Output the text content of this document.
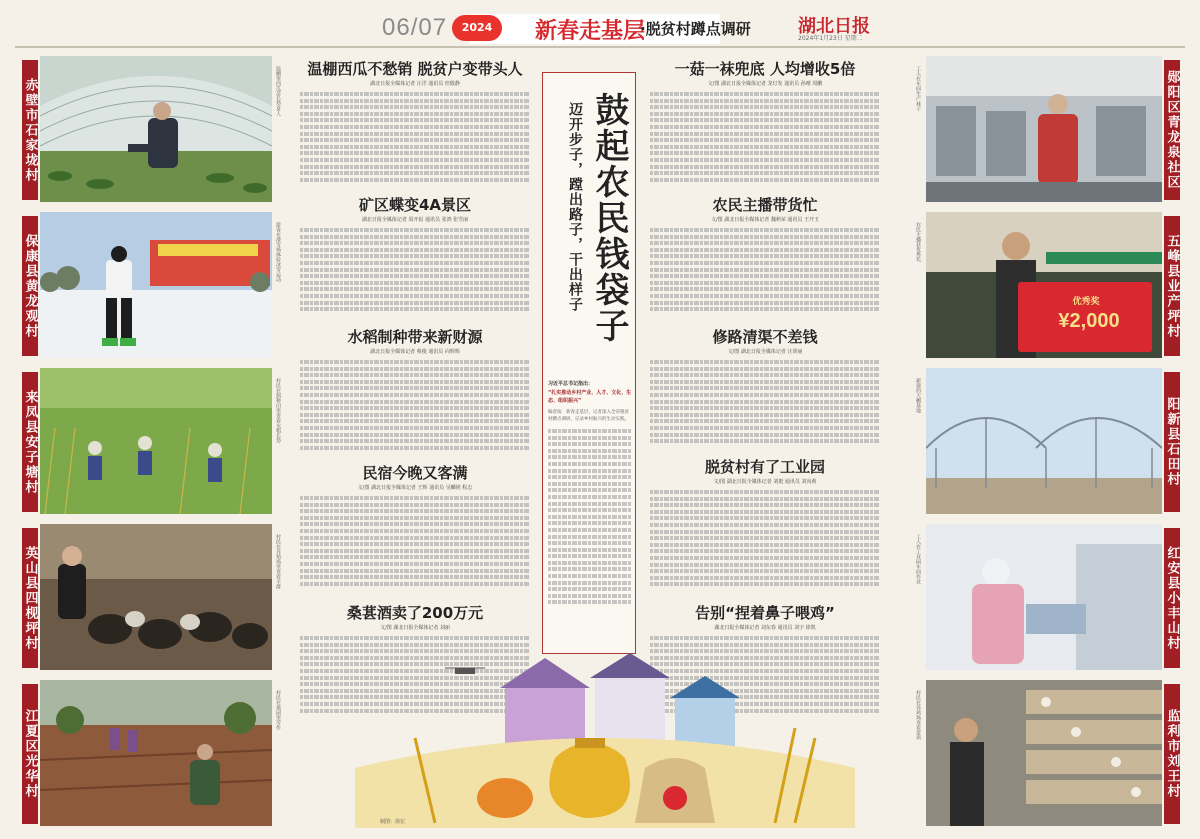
06/07	2024	新春走基层
·脱贫村蹲点调研	湖北日报
2024年1月23日 星期二
赤壁市石家垅村	温棚里西瓜苗长势喜人
保康县黄龙观村	游客在滑雪场体验冰雪运动
来凤县安子塘村	村民在制种田里查看水稻长势
英山县四枧坪村	村民在养殖场里查看羊群
江夏区光华村	村民在桑园里劳作
温棚西瓜不愁销 脱贫户变带头人
湖北日报全媒体记者 汪洋 通讯员 但傲静
矿区蝶变4A景区
湖北日报全媒体记者 周开崧 通讯员 张鸿 张雪丽
水稻制种带来新财源
湖北日报全媒体记者 蔡俊 通讯员 向辉辉
民宿今晚又客满
文/图 湖北日报全媒体记者 王辉 通讯员 吴麟铭 程志
桑葚酒卖了200万元
文/图 湖北日报全媒体记者 刘丽
鼓起农民钱袋子
迈开步子，蹚出路子，干出样子
习近平总书记指出：
“扎实推动乡村产业、人才、文化、生态、组织振兴”
编者按：新春走基层，记者深入全省脱贫村蹲点调研，记录乡村振兴的生动实践。
一菇一袜兜底 人均增收5倍
文/图 湖北日报全媒体记者 龙灯发 通讯员 孙晴 周鹏
农民主播带货忙
文/图 湖北日报全媒体记者 魏莉荣 通讯员 王开玉
修路清渠不差钱
文/图 湖北日报全媒体记者 汪训丽
脱贫村有了工业园
文/图 湖北日报全媒体记者 刘挺 通讯员 刘向莉
告别“捏着鼻子喂鸡”
湖北日报全媒体记者 刘东春 通讯员 刘宇 徐凯
工人在车间生产袜子	郧阳区青龙泉社区
农民主播获优秀奖
优秀奖
¥2,000	五峰县业产坪村
新建的大棚基地
阳新县石田村
工人在工业园车间作业	红安县小丰山村
村民在养鸡场查看蛋鸡	监利市刘王村
制图：徐宏
